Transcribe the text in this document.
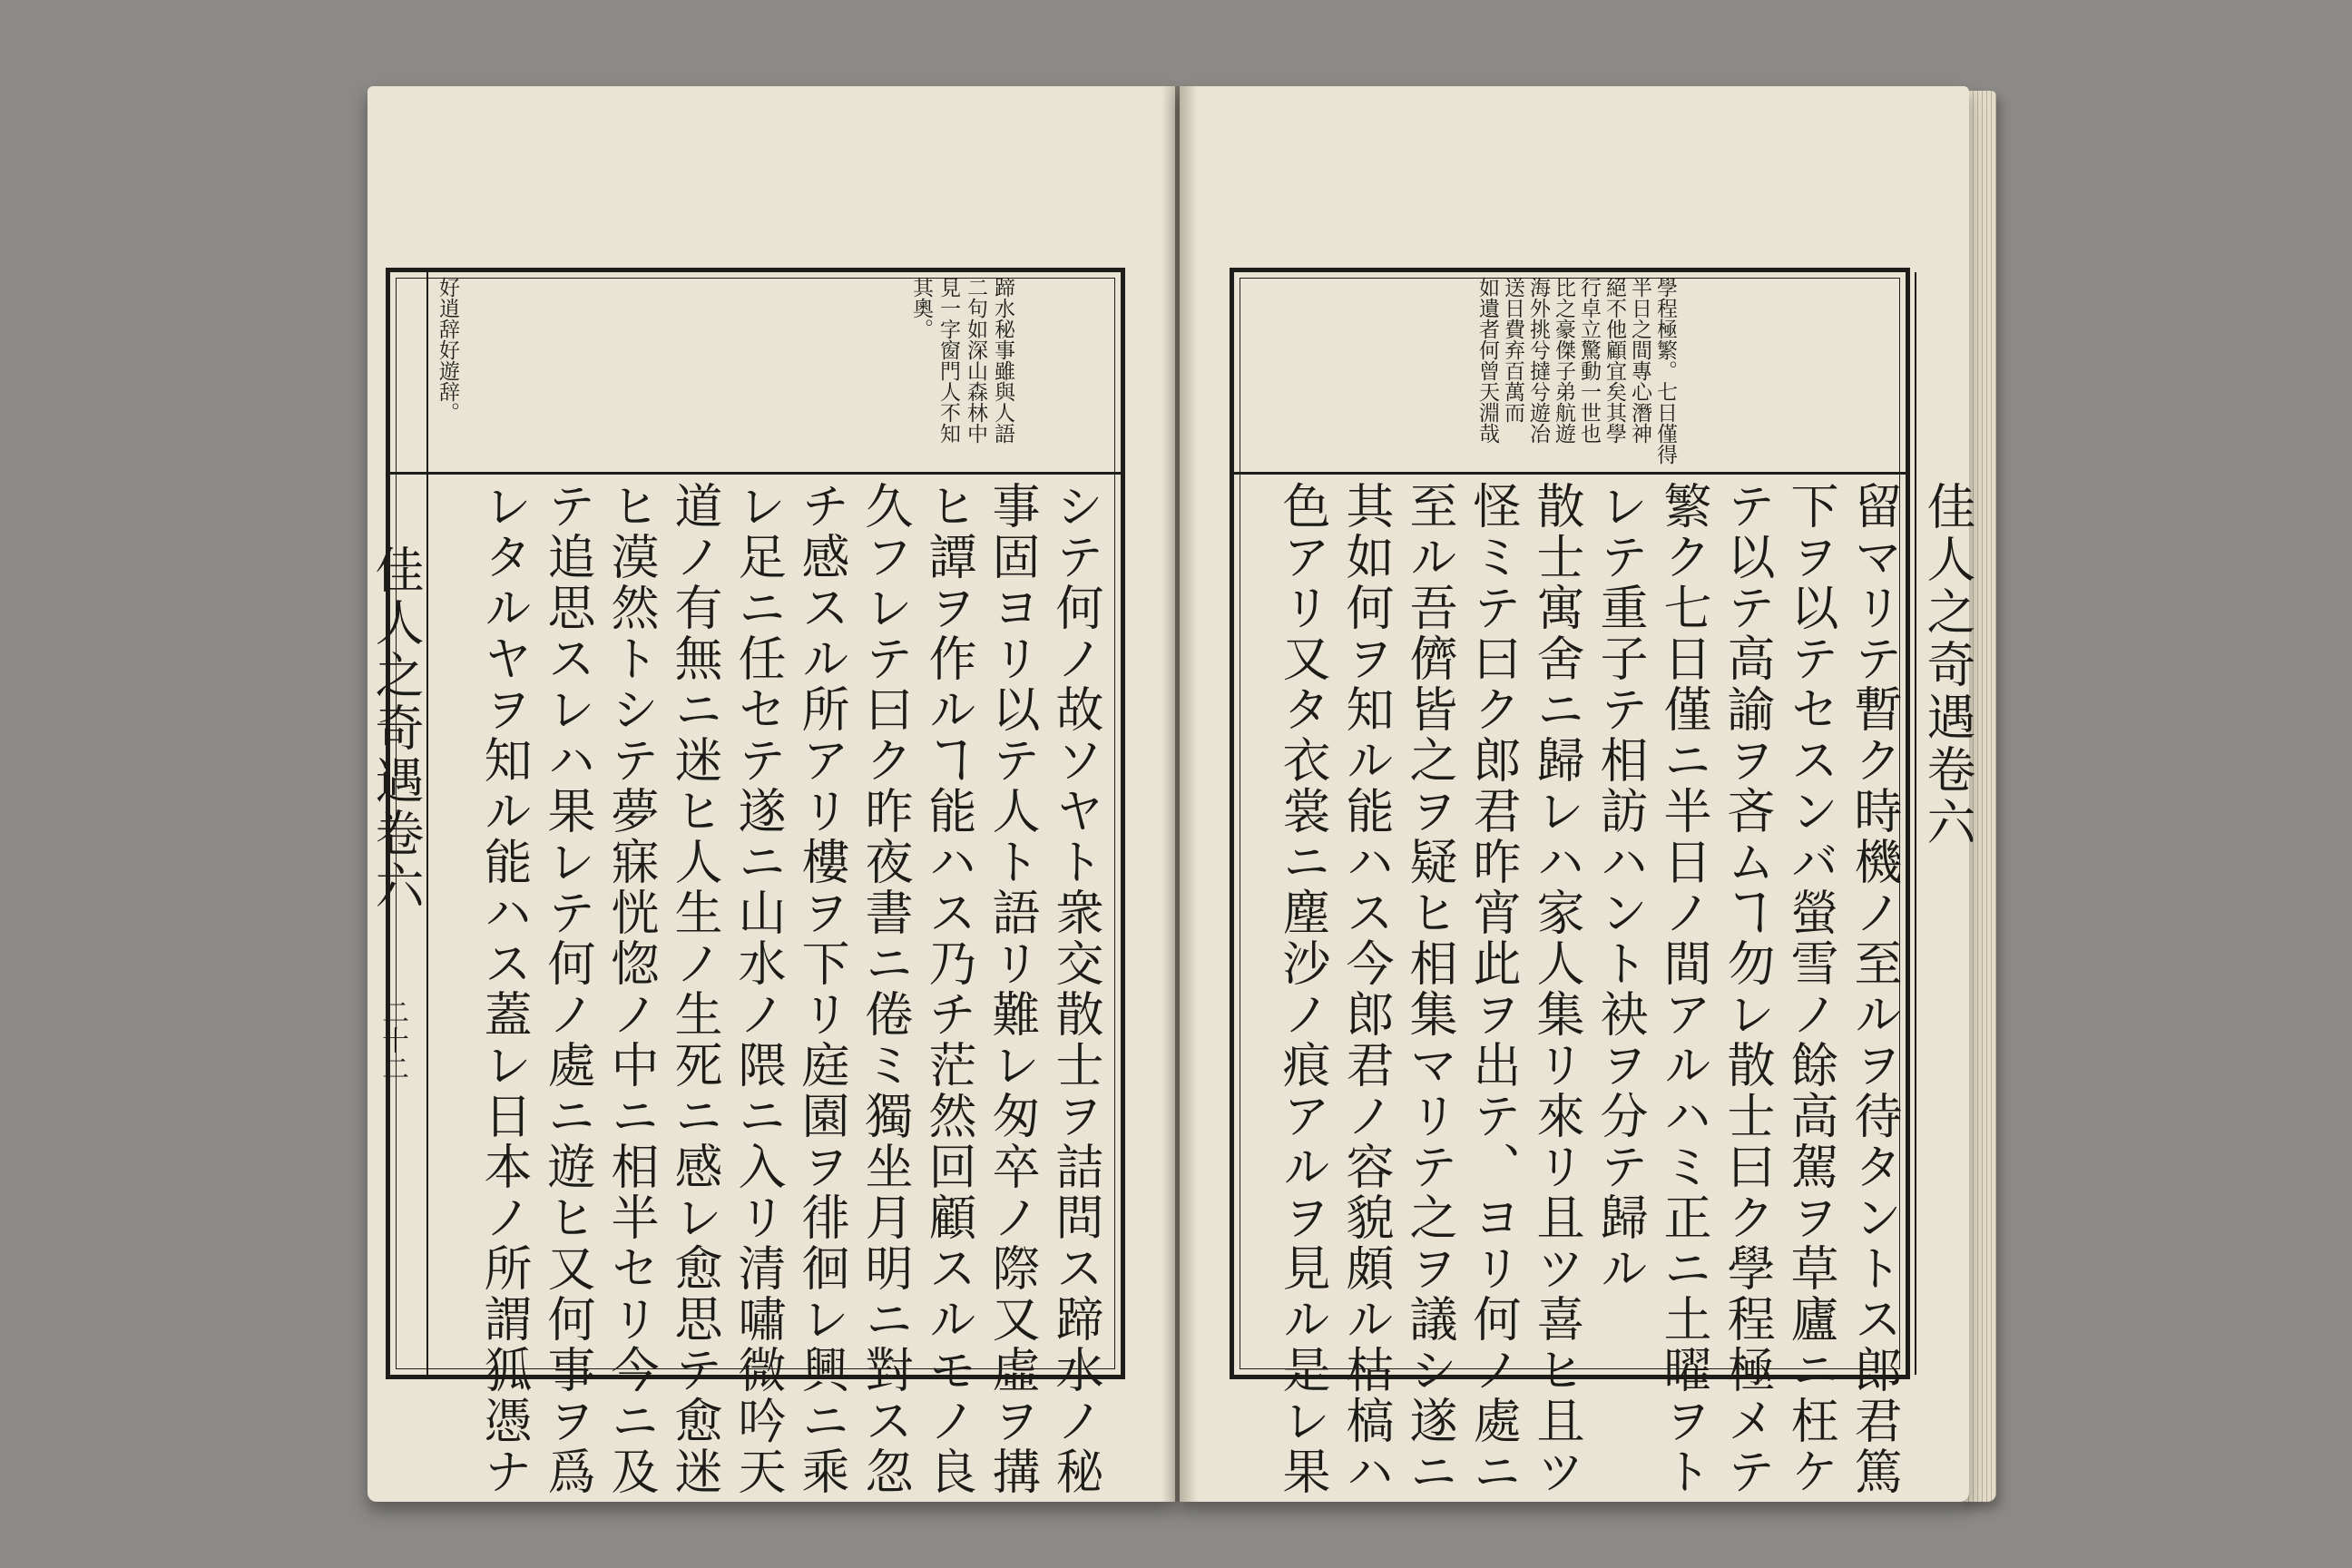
佳人之奇遇卷六
二十二
好逍辞好遊辞。	蹄水秘事雖與人語
二句如深山森林中
見一字窗門人不知
其奧。
シテ何ノ故ソヤト衆交散士ヲ詰問ス蹄水ノ秘
事固ヨリ以テ人ト語リ難レ匆卒ノ際又虛ヲ搆
ヒ譚ヲ作ルヿ能ハス乃チ茫然回顧スルモノ良
久フレテ曰ク昨夜書ニ倦ミ獨坐月明ニ對ス忽
チ感スル所アリ樓ヲ下リ庭園ヲ徘徊レ興ニ乘
レ足ニ任セテ遂ニ山水ノ隈ニ入リ清嘯微吟天
道ノ有無ニ迷ヒ人生ノ生死ニ感レ愈思テ愈迷
ヒ漠然トシテ夢寐恍惚ノ中ニ相半セリ今ニ及
テ追思スレハ果レテ何ノ處ニ遊ヒ又何事ヲ爲
レタルヤヲ知ル能ハス蓋レ日本ノ所謂狐憑ナ	佳人之奇遇卷六
學程極繁。七日僅得
半日之間專心潛神
絕不他顧宜矣其學
行卓立驚動一世也
比之豪傑子弟航遊
海外挑兮撻兮遊冶
送日費弃百萬而
如遺者何曾天淵哉
留マリテ暫ク時機ノ至ルヲ待タントス郎君篤
下ヲ以テセスンバ螢雪ノ餘高駕ヲ草廬ニ枉ケ
テ以テ高諭ヲ吝ムヿ勿レ散士曰ク學程極メテ
繁ク七日僅ニ半日ノ間アルハミ正ニ土曜ヲト
レテ重子テ相訪ハント袂ヲ分テ歸ル
散士寓舍ニ歸レハ家人集リ來リ且ツ喜ヒ且ツ
怪ミテ曰ク郎君昨宵此ヲ出テ、ヨリ何ノ處ニ
至ル吾儕皆之ヲ疑ヒ相集マリテ之ヲ議シ遂ニ
其如何ヲ知ル能ハス今郎君ノ容貌頗ル枯槁ハ
色アリ又タ衣裳ニ塵沙ノ痕アルヲ見ル是レ果
